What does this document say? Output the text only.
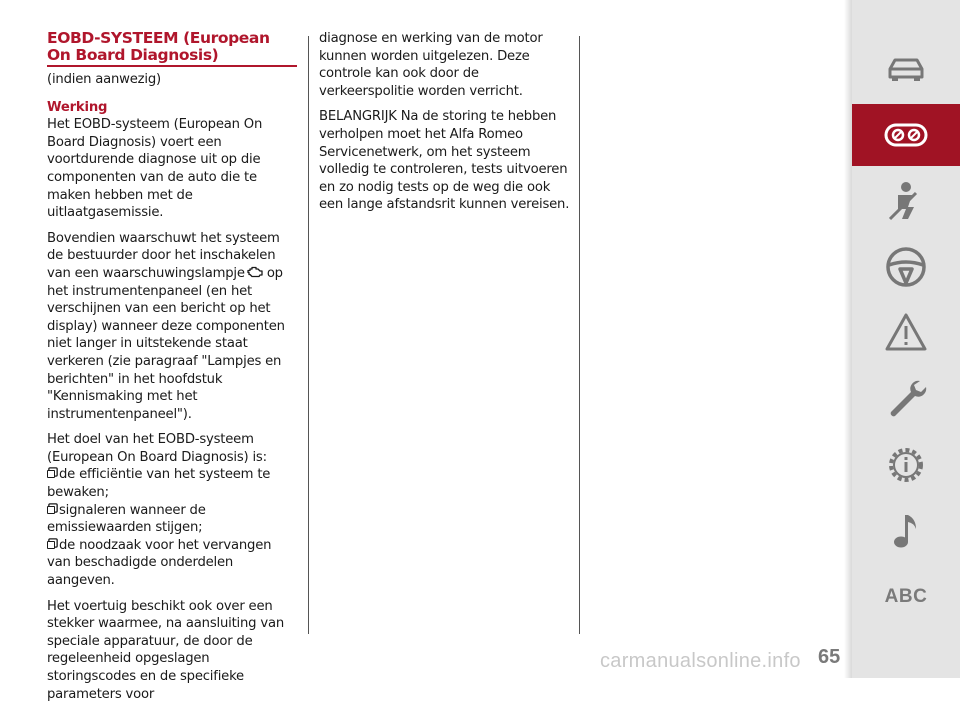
EOBD-SYSTEEM (European On Board Diagnosis)
(indien aanwezig)
Werking

Het EOBD-systeem (European On Board Diagnosis) voert een voortdurende diagnose uit op die componenten van de auto die te maken hebben met de uitlaatgasemissie.

Bovendien waarschuwt het systeem de bestuurder door het inschakelen van een waarschuwingslampje op het instrumentenpaneel (en het verschijnen van een bericht op het display) wanneer deze componenten niet langer in uitstekende staat verkeren (zie paragraaf "Lampjes en berichten" in het hoofdstuk "Kennismaking met het instrumentenpaneel").

Het doel van het EOBD-systeem (European On Board Diagnosis) is:

de efficiëntie van het systeem te bewaken;
signaleren wanneer de emissiewaarden stijgen;
de noodzaak voor het vervangen van beschadigde onderdelen aangeven.

Het voertuig beschikt ook over een stekker waarmee, na aansluiting van speciale apparatuur, de door de regeleenheid opgeslagen storingscodes en de specifieke parameters voor

diagnose en werking van de motor kunnen worden uitgelezen. Deze controle kan ook door de verkeerspolitie worden verricht.

BELANGRIJK Na de storing te hebben verholpen moet het Alfa Romeo Servicenetwerk, om het systeem volledig te controleren, tests uitvoeren en zo nodig tests op de weg die ook een lange afstandsrit kunnen vereisen.

ABC
65
carmanualsonline.info
